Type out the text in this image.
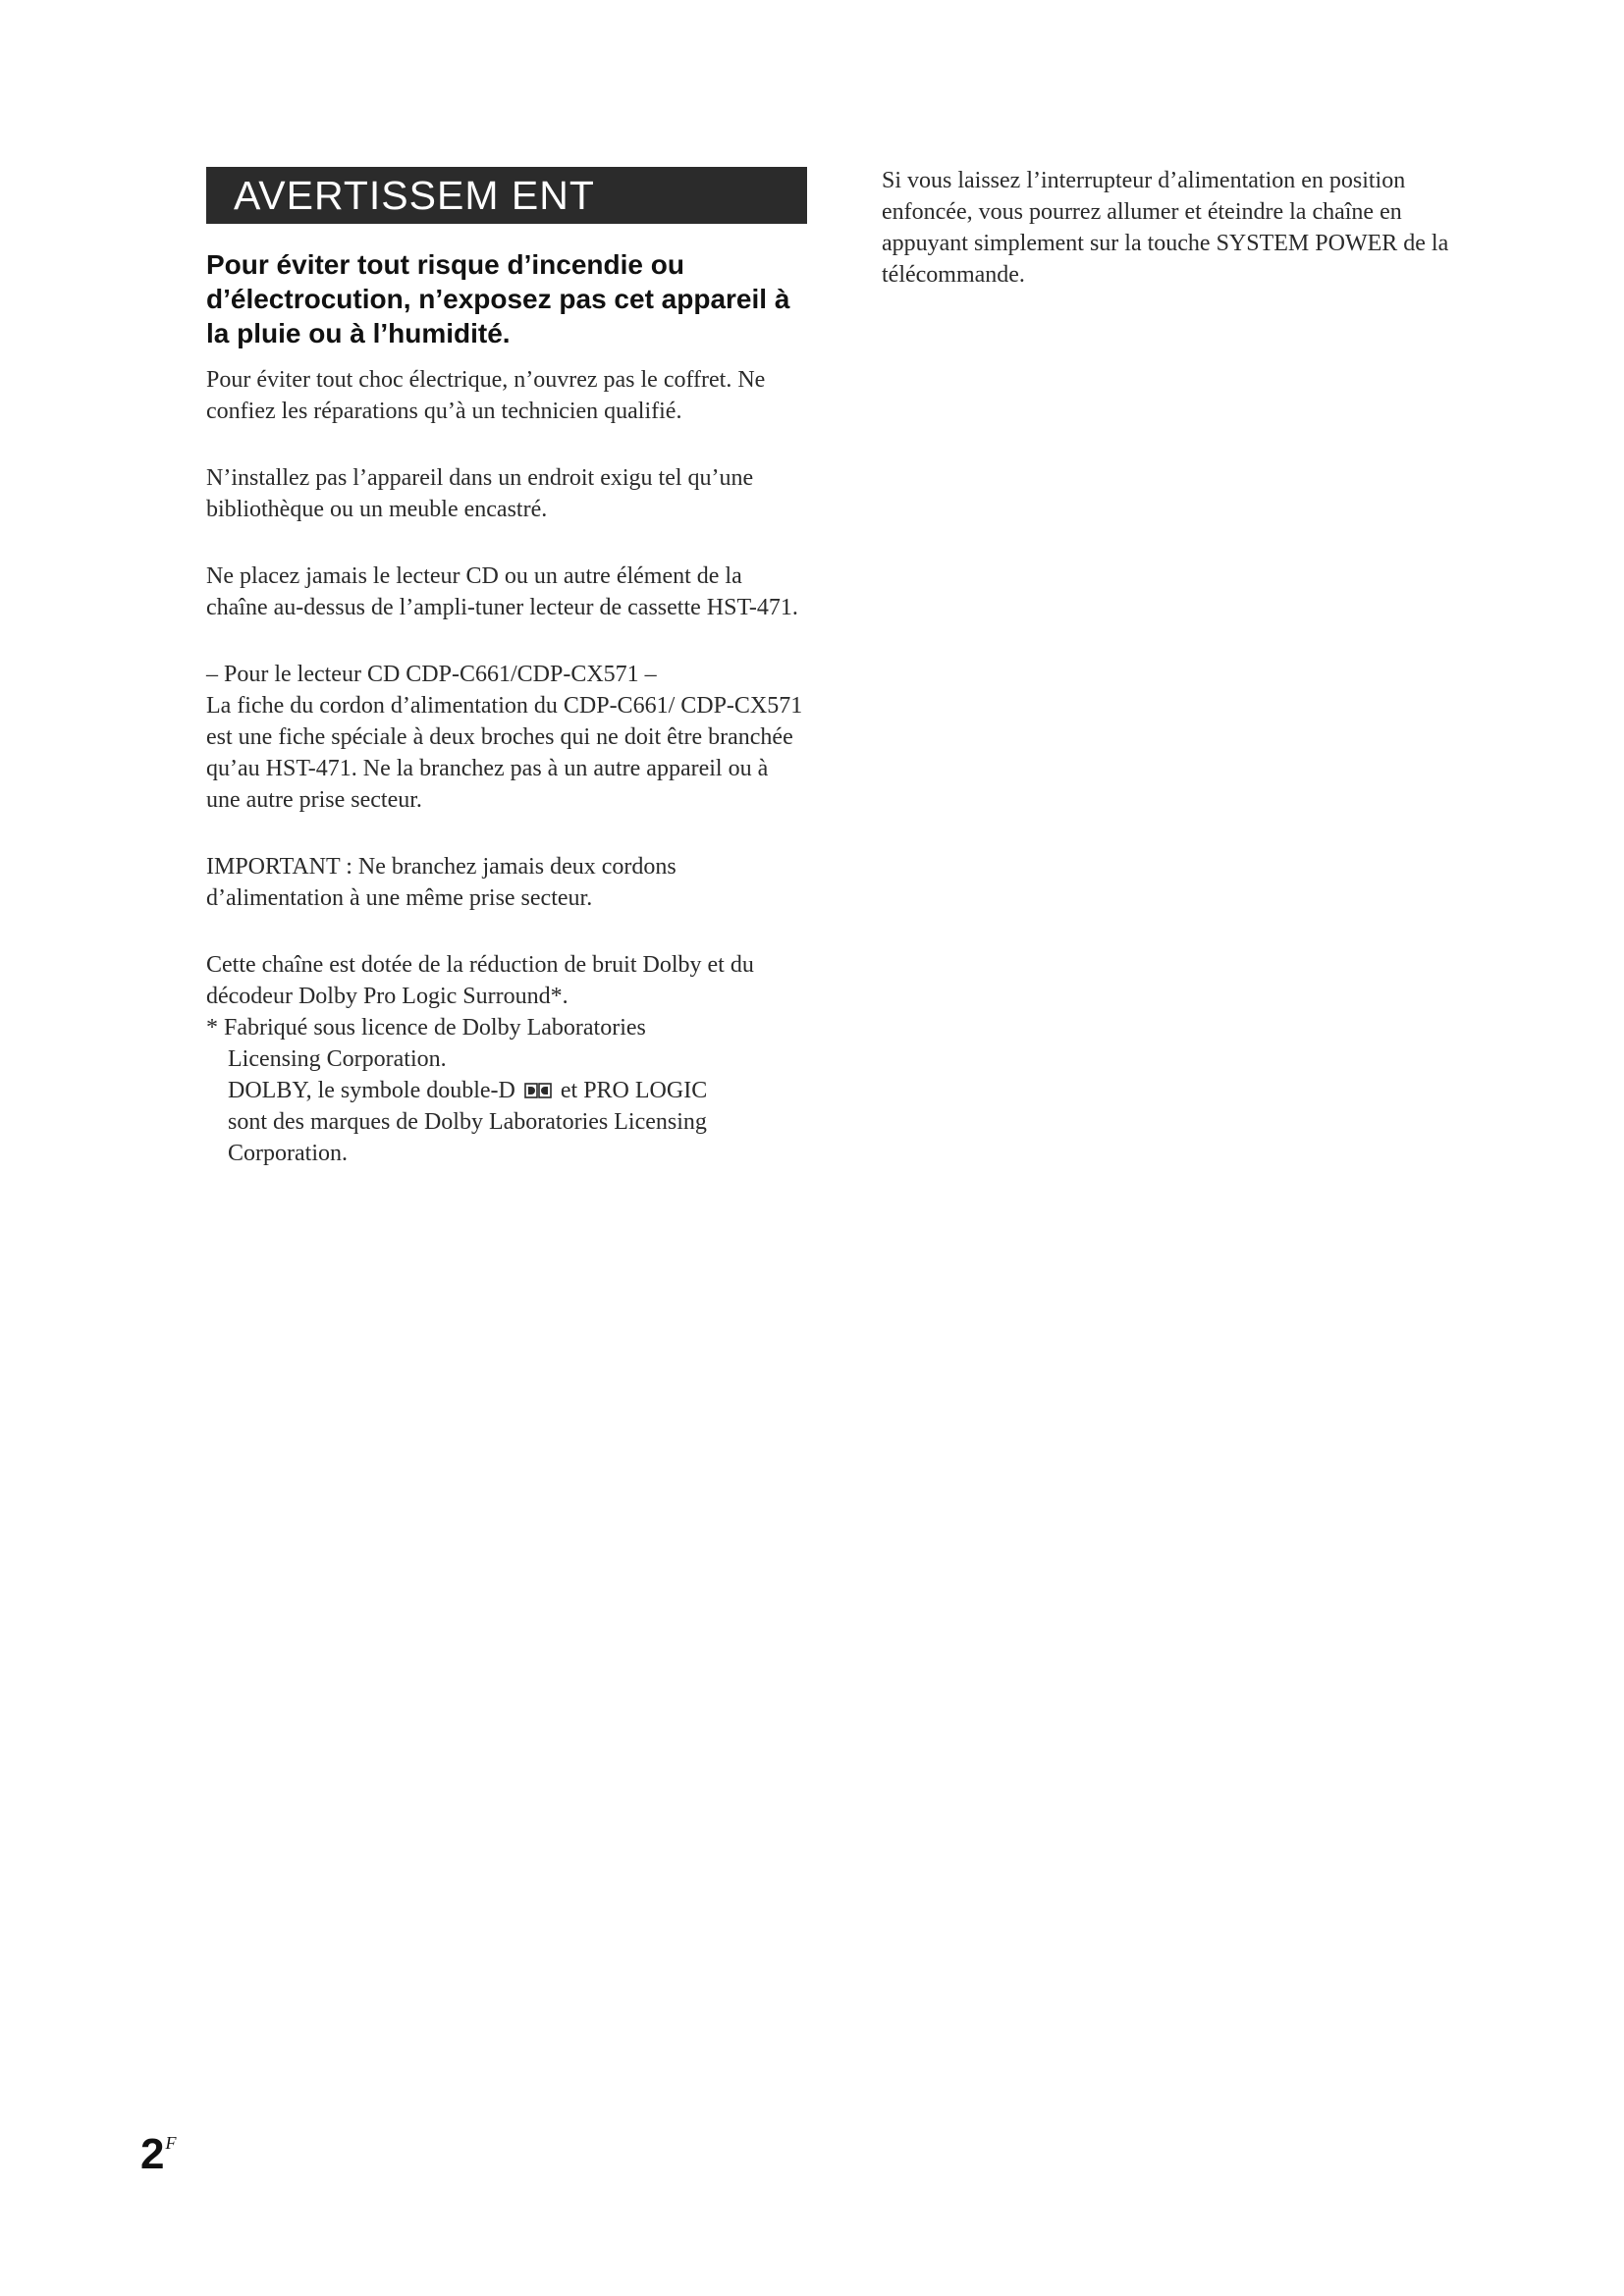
AVERTISSEM ENT
Pour éviter tout risque d’incendie ou d’électrocution, n’exposez pas cet appareil à la pluie ou à l’humidité.

Pour éviter tout choc électrique, n’ouvrez pas le coffret. Ne confiez les réparations qu’à un technicien qualifié.

N’installez pas l’appareil dans un endroit exigu tel qu’une bibliothèque ou un meuble encastré.

Ne placez jamais le lecteur CD ou un autre élément de la chaîne au-dessus de l’ampli-tuner lecteur de cassette HST-471.

– Pour le lecteur CD CDP-C661/CDP-CX571 –

La fiche du cordon d’alimentation du CDP-C661/ CDP-CX571 est une fiche spéciale à deux broches qui ne doit être branchée qu’au HST-471. Ne la branchez pas à un autre appareil ou à une autre prise secteur.

IMPORTANT : Ne branchez jamais deux cordons d’alimentation à une même prise secteur.

Cette chaîne est dotée de la réduction de bruit Dolby et du décodeur Dolby Pro Logic Surround*.

* Fabriqué sous licence de Dolby Laboratories
Licensing Corporation.
DOLBY, le symbole double-D et PRO LOGIC
sont des marques de Dolby Laboratories Licensing Corporation.

Si vous laissez l’interrupteur d’alimentation en position enfoncée, vous pourrez allumer et éteindre la chaîne en appuyant simplement sur la touche SYSTEM POWER de la télécommande.

$2^F$
